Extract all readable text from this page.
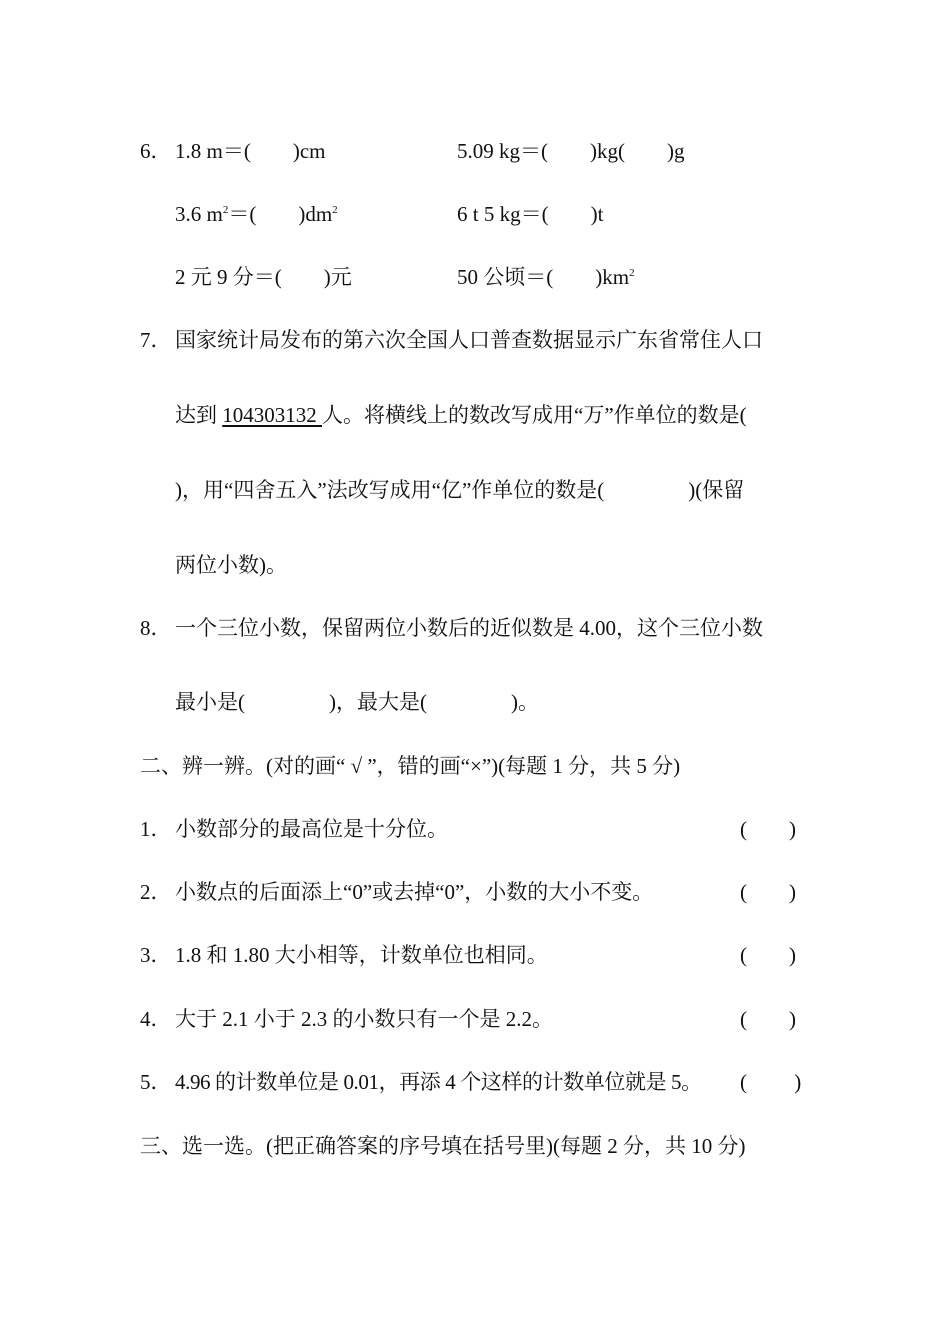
6． 1.8 m＝(　　)cm	5.09 kg＝(　　)kg(　　)g
3.6 $m^2=$(　　)$dm^2$	6 t 5 kg＝(　　)t
2 元 9 分＝(　　)元	50 公顷＝(　　)$km^2$
7． 国家统计局发布的第六次全国人口普查数据显示广东省常住人口
达到 104303132 人。将横线上的数改写成用“万”作单位的数是(
)，用“四舍五入”法改写成用“亿”作单位的数是(　　　　)(保留
两位小数)。
8． 一个三位小数，保留两位小数后的近似数是 4.00，这个三位小数
最小是(　　　　)，最大是(　　　　)。
二、辨一辨。(对的画“ √ ”，错的画“×”)(每题 1 分，共 5 分)
1． 小数部分的最高位是十分位。	(　　)
2． 小数点的后面添上“0”或去掉“0”，小数的大小不变。	(　　)
3． 1.8 和 1.80 大小相等，计数单位也相同。	(　　)
4． 大于 2.1 小于 2.3 的小数只有一个是 2.2。	(　　)
5． 4.96 的计数单位是 0.01，再添 4 个这样的计数单位就是 5。 (　　 )
三、选一选。(把正确答案的序号填在括号里)(每题 2 分，共 10 分)
